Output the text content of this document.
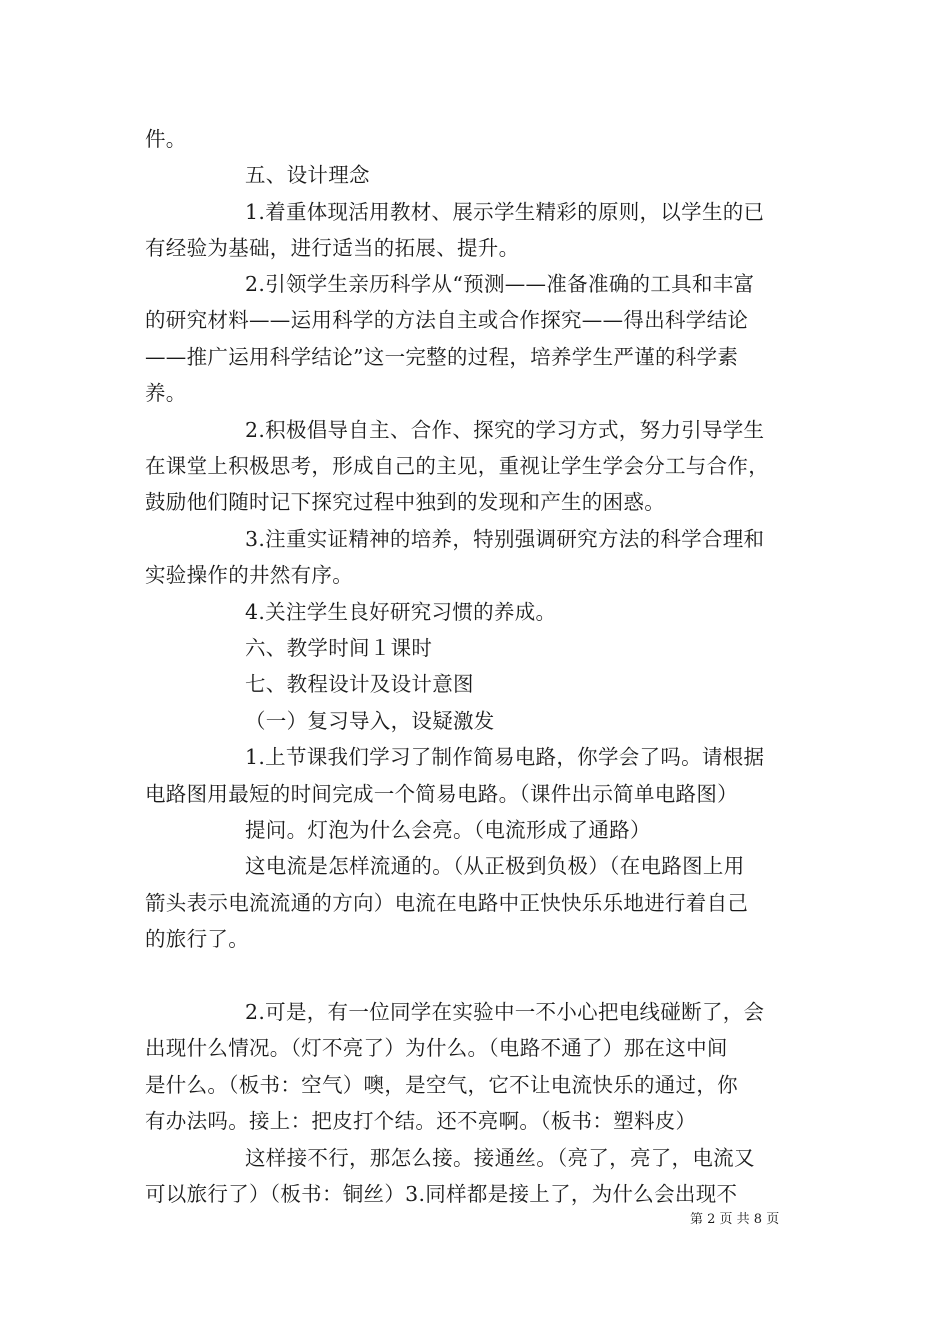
件。
五、设计理念
1.着重体现活用教材、展示学生精彩的原则，以学生的已
有经验为基础，进行适当的拓展、提升。
2.引领学生亲历科学从“预测——准备准确的工具和丰富
的研究材料——运用科学的方法自主或合作探究——得出科学结论
——推广运用科学结论”这一完整的过程，培养学生严谨的科学素
养。
2.积极倡导自主、合作、探究的学习方式，努力引导学生
在课堂上积极思考，形成自己的主见，重视让学生学会分工与合作，
鼓励他们随时记下探究过程中独到的发现和产生的困惑。
3.注重实证精神的培养，特别强调研究方法的科学合理和
实验操作的井然有序。
4.关注学生良好研究习惯的养成。
六、教学时间１课时
七、教程设计及设计意图
（一）复习导入，设疑激发
1.上节课我们学习了制作简易电路，你学会了吗。请根据
电路图用最短的时间完成一个简易电路。（课件出示简单电路图）
提问。灯泡为什么会亮。（电流形成了通路）
这电流是怎样流通的。（从正极到负极）（在电路图上用
箭头表示电流流通的方向）电流在电路中正快快乐乐地进行着自己
的旅行了。
2.可是，有一位同学在实验中一不小心把电线碰断了，会
出现什么情况。（灯不亮了）为什么。（电路不通了）那在这中间
是什么。（板书：空气）噢，是空气，它不让电流快乐的通过，你
有办法吗。接上：把皮打个结。还不亮啊。（板书：塑料皮）
这样接不行，那怎么接。接通丝。（亮了，亮了，电流又
可以旅行了）（板书：铜丝）3.同样都是接上了，为什么会出现不
第 2 页 共 8 页
